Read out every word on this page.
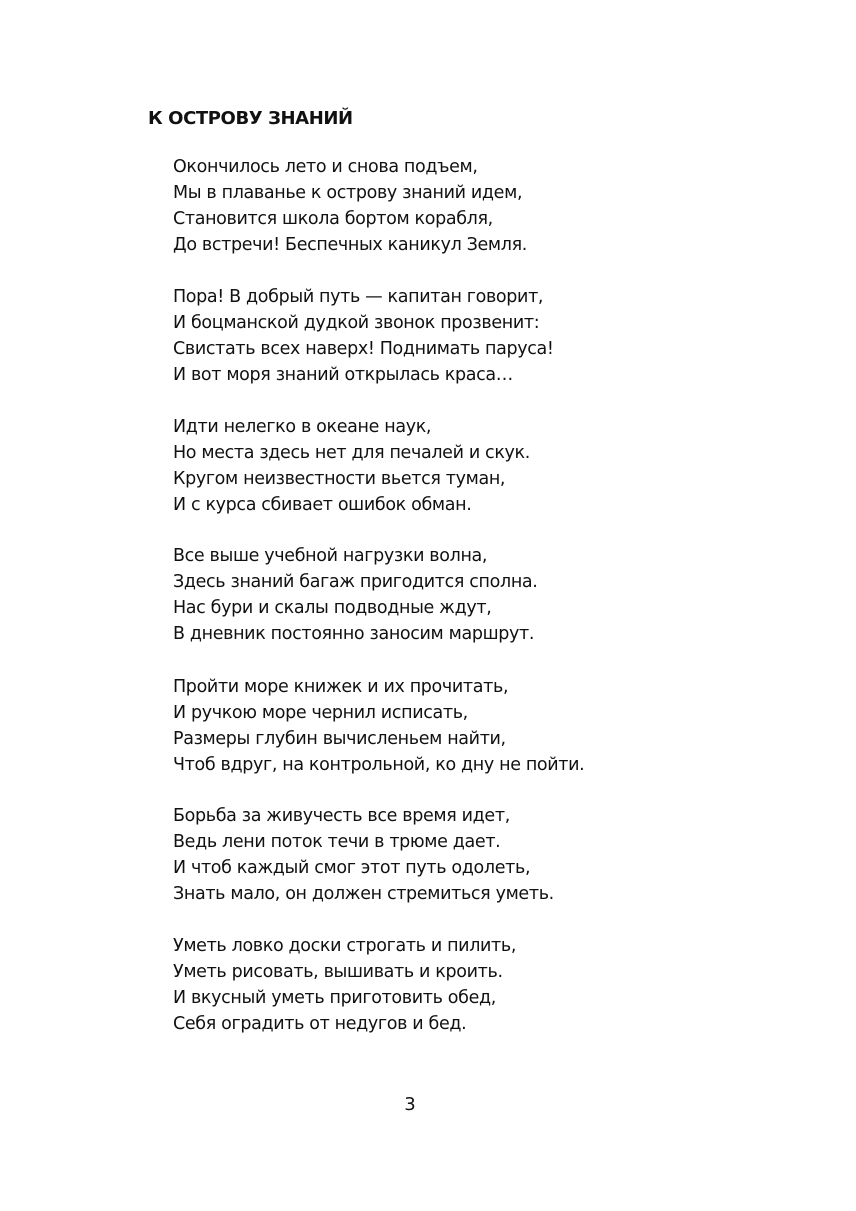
К ОСТРОВУ ЗНАНИЙ
Окончилось лето и снова подъем,
Мы в плаванье к острову знаний идем,
Становится школа бортом корабля,
До встречи! Беспечных каникул Земля.
Пора! В добрый путь — капитан говорит,
И боцманской дудкой звонок прозвенит:
Свистать всех наверх! Поднимать паруса!
И вот моря знаний открылась краса…
Идти нелегко в океане наук,
Но места здесь нет для печалей и скук.
Кругом неизвестности вьется туман,
И с курса сбивает ошибок обман.
Все выше учебной нагрузки волна,
Здесь знаний багаж пригодится сполна.
Нас бури и скалы подводные ждут,
В дневник постоянно заносим маршрут.
Пройти море книжек и их прочитать,
И ручкою море чернил исписать,
Размеры глубин вычисленьем найти,
Чтоб вдруг, на контрольной, ко дну не пойти.
Борьба за живучесть все время идет,
Ведь лени поток течи в трюме дает.
И чтоб каждый смог этот путь одолеть,
Знать мало, он должен стремиться уметь.
Уметь ловко доски строгать и пилить,
Уметь рисовать, вышивать и кроить.
И вкусный уметь приготовить обед,
Себя оградить от недугов и бед.
3
